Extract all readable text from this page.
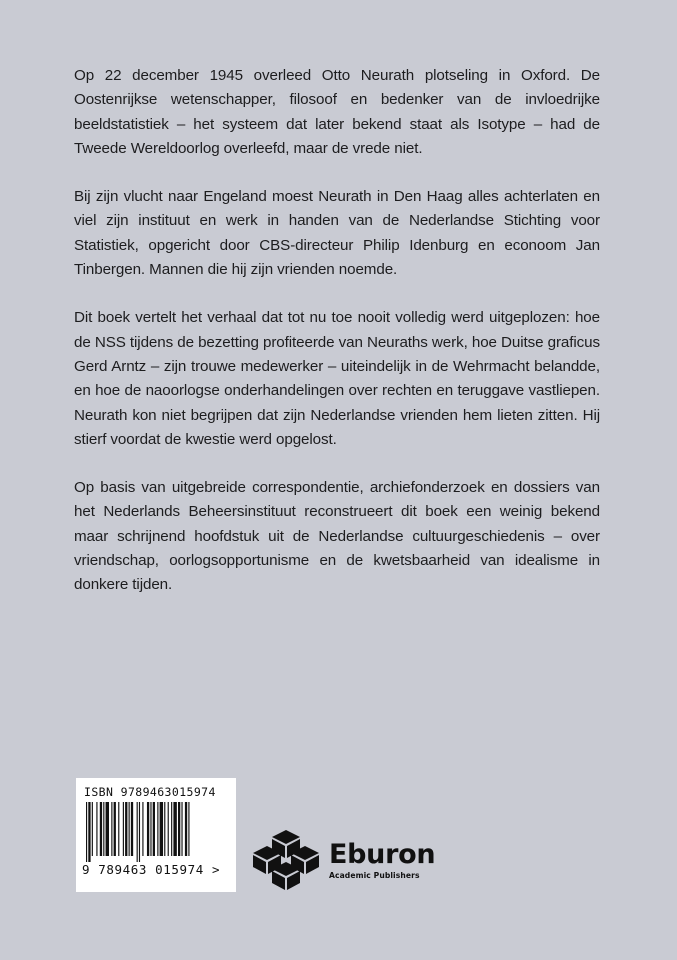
Op 22 december 1945 overleed Otto Neurath plotseling in Oxford. De Oostenrijkse wetenschapper, filosoof en bedenker van de invloedrijke beeldstatistiek – het systeem dat later bekend staat als Isotype – had de Tweede Wereldoorlog overleefd, maar de vrede niet.

Bij zijn vlucht naar Engeland moest Neurath in Den Haag alles achterlaten en viel zijn instituut en werk in handen van de Nederlandse Stichting voor Statistiek, opgericht door CBS-directeur Philip Idenburg en econoom Jan Tinbergen. Mannen die hij zijn vrienden noemde.

Dit boek vertelt het verhaal dat tot nu toe nooit volledig werd uitgeplozen: hoe de NSS tijdens de bezetting profiteerde van Neuraths werk, hoe Duitse graficus Gerd Arntz – zijn trouwe medewerker – uiteindelijk in de Wehrmacht belandde, en hoe de naoorlogse onderhandelingen over rechten en teruggave vastliepen. Neurath kon niet begrijpen dat zijn Nederlandse vrienden hem lieten zitten. Hij stierf voordat de kwestie werd opgelost.

Op basis van uitgebreide correspondentie, archiefonderzoek en dossiers van het Nederlands Beheersinstituut reconstrueert dit boek een weinig bekend maar schrijnend hoofdstuk uit de Nederlandse cultuurgeschiedenis – over vriendschap, oorlogsopportunisme en de kwetsbaarheid van idealisme in donkere tijden.

ISBN 9789463015974
9 789463 015974 >	Eburon
Academic Publishers
